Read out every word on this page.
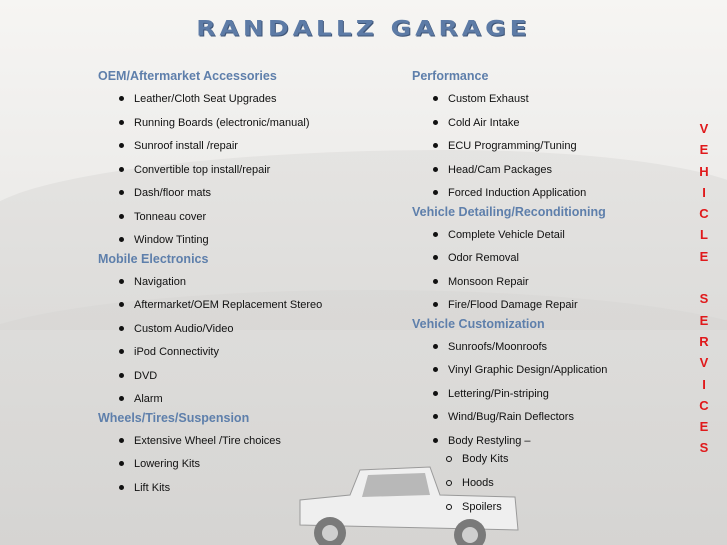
RANDALLZ GARAGE
OEM/Aftermarket Accessories
Leather/Cloth Seat Upgrades
Running Boards (electronic/manual)
Sunroof install /repair
Convertible top install/repair
Dash/floor mats
Tonneau cover
Window Tinting
Mobile Electronics
Navigation
Aftermarket/OEM Replacement Stereo
Custom Audio/Video
iPod Connectivity
DVD
Alarm
Wheels/Tires/Suspension
Extensive Wheel /Tire choices
Lowering Kits
Lift Kits
Performance
Custom Exhaust
Cold Air Intake
ECU Programming/Tuning
Head/Cam Packages
Forced Induction Application
Vehicle Detailing/Reconditioning
Complete Vehicle Detail
Odor Removal
Monsoon Repair
Fire/Flood Damage Repair
Vehicle Customization
Sunroofs/Moonroofs
Vinyl Graphic Design/Application
Lettering/Pin-striping
Wind/Bug/Rain Deflectors
Body Restyling –
Body Kits
Hoods
Spoilers
V
E
H
I
C
L
E
S
E
R
V
I
C
E
S
